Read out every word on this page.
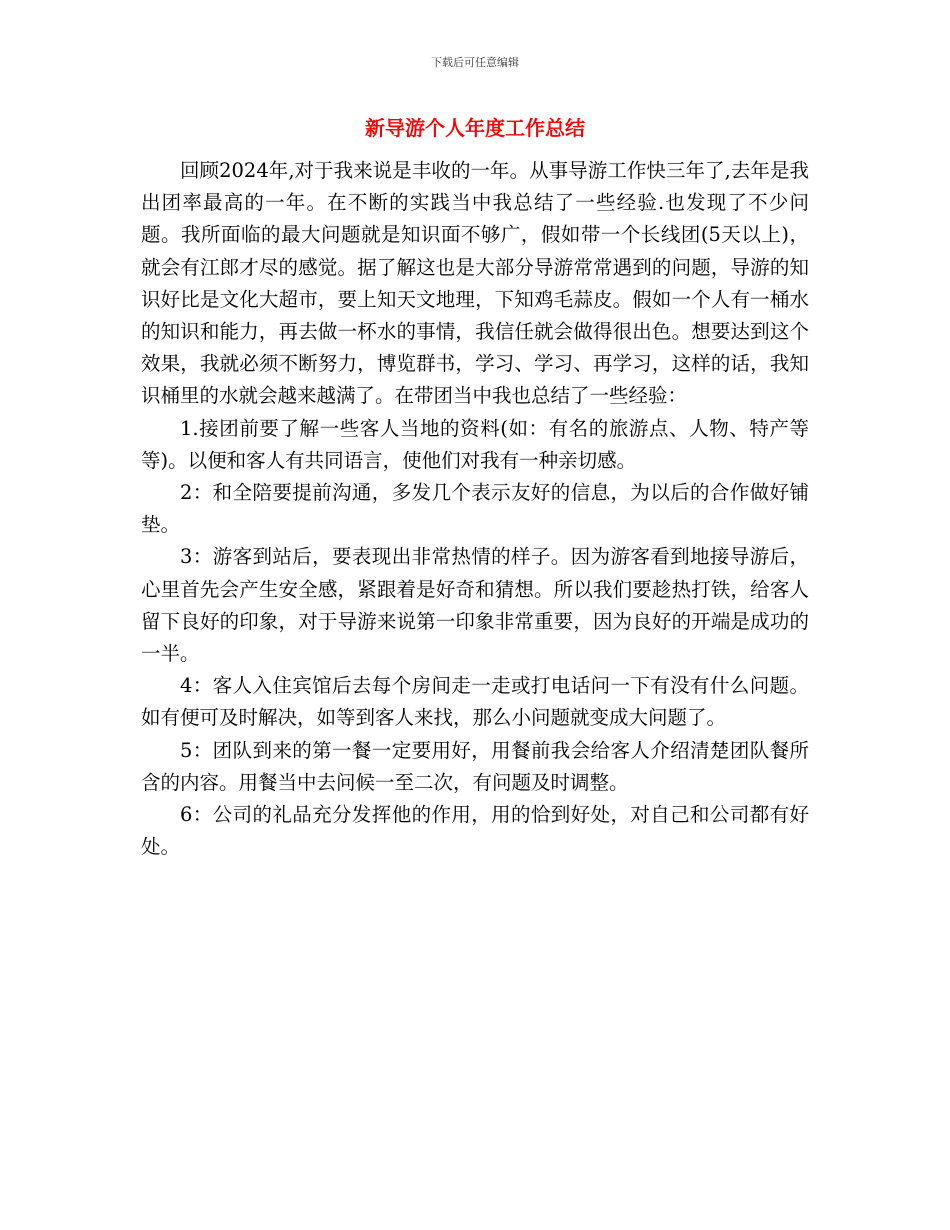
下载后可任意编辑
新导游个人年度工作总结

回顾2024年,对于我来说是丰收的一年。从事导游工作快三年了,去年是我出团率最高的一年。在不断的实践当中我总结了一些经验.也发现了不少问题。我所面临的最大问题就是知识面不够广，假如带一个长线团(5天以上)，就会有江郎才尽的感觉。据了解这也是大部分导游常常遇到的问题，导游的知识好比是文化大超市，要上知天文地理，下知鸡毛蒜皮。假如一个人有一桶水的知识和能力，再去做一杯水的事情，我信任就会做得很出色。想要达到这个效果，我就必须不断努力，博览群书，学习、学习、再学习，这样的话，我知识桶里的水就会越来越满了。在带团当中我也总结了一些经验：

1.接团前要了解一些客人当地的资料(如：有名的旅游点、人物、特产等等)。以便和客人有共同语言，使他们对我有一种亲切感。

2：和全陪要提前沟通，多发几个表示友好的信息，为以后的合作做好铺垫。

3：游客到站后，要表现出非常热情的样子。因为游客看到地接导游后，心里首先会产生安全感，紧跟着是好奇和猜想。所以我们要趁热打铁，给客人留下良好的印象，对于导游来说第一印象非常重要，因为良好的开端是成功的一半。

4：客人入住宾馆后去每个房间走一走或打电话问一下有没有什么问题。如有便可及时解决，如等到客人来找，那么小问题就变成大问题了。

5：团队到来的第一餐一定要用好，用餐前我会给客人介绍清楚团队餐所含的内容。用餐当中去问候一至二次，有问题及时调整。

6：公司的礼品充分发挥他的作用，用的恰到好处，对自己和公司都有好处。
